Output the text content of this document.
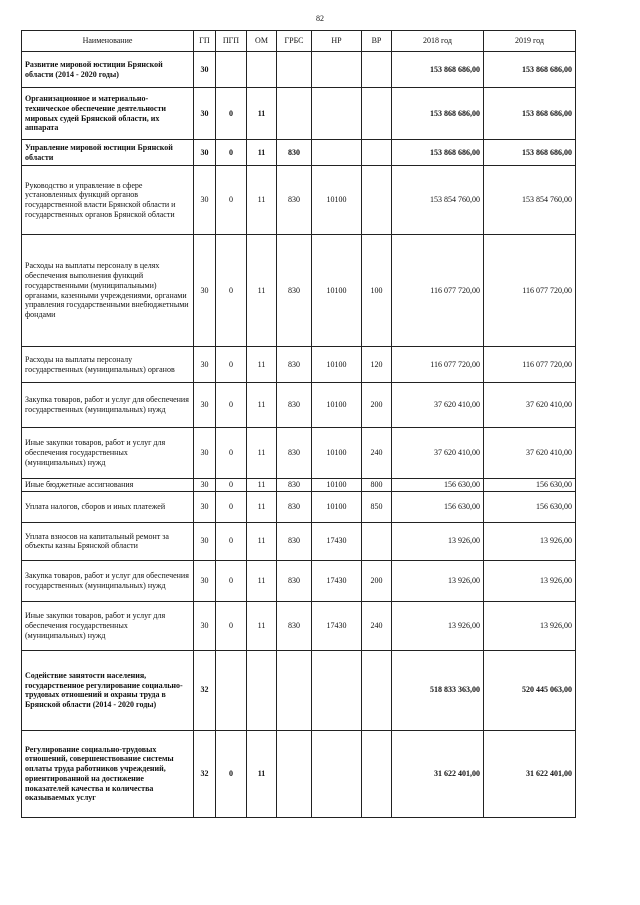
82
Наименование	ГП	ПГП	ОМ	ГРБС	НР	ВР	2018 год	2019 год
Развитие мировой юстиции Брянской области (2014 - 2020 годы)	30						153 868 686,00	153 868 686,00
Организационное и материально-техническое обеспечение деятельности мировых судей Брянской области, их аппарата	30	0	11				153 868 686,00	153 868 686,00
Управление мировой юстиции Брянской области	30	0	11	830			153 868 686,00	153 868 686,00
Руководство и управление в сфере установленных функций органов государственной власти Брянской области и государственных органов Брянской области	30	0	11	830	10100		153 854 760,00	153 854 760,00
Расходы на выплаты персоналу в целях обеспечения выполнения функций государственными (муниципальными) органами, казенными учреждениями, органами управления государственными внебюджетными фондами	30	0	11	830	10100	100	116 077 720,00	116 077 720,00
Расходы на выплаты персоналу государственных (муниципальных) органов	30	0	11	830	10100	120	116 077 720,00	116 077 720,00
Закупка товаров, работ и услуг для обеспечения государственных (муниципальных) нужд	30	0	11	830	10100	200	37 620 410,00	37 620 410,00
Иные закупки товаров, работ и услуг для обеспечения государственных (муниципальных) нужд	30	0	11	830	10100	240	37 620 410,00	37 620 410,00
Иные бюджетные ассигнования	30	0	11	830	10100	800	156 630,00	156 630,00
Уплата налогов, сборов и иных платежей	30	0	11	830	10100	850	156 630,00	156 630,00
Уплата взносов на капитальный ремонт за объекты казны Брянской области	30	0	11	830	17430		13 926,00	13 926,00
Закупка товаров, работ и услуг для обеспечения государственных (муниципальных) нужд	30	0	11	830	17430	200	13 926,00	13 926,00
Иные закупки товаров, работ и услуг для обеспечения государственных (муниципальных) нужд	30	0	11	830	17430	240	13 926,00	13 926,00
Содействие занятости населения, государственное регулирование социально-трудовых отношений и охраны труда в Брянской области (2014 - 2020 годы)	32						518 833 363,00	520 445 063,00
Регулирование социально-трудовых отношений, совершенствование системы оплаты труда работников учреждений, ориентированной на достижение показателей качества и количества оказываемых услуг	32	0	11				31 622 401,00	31 622 401,00
